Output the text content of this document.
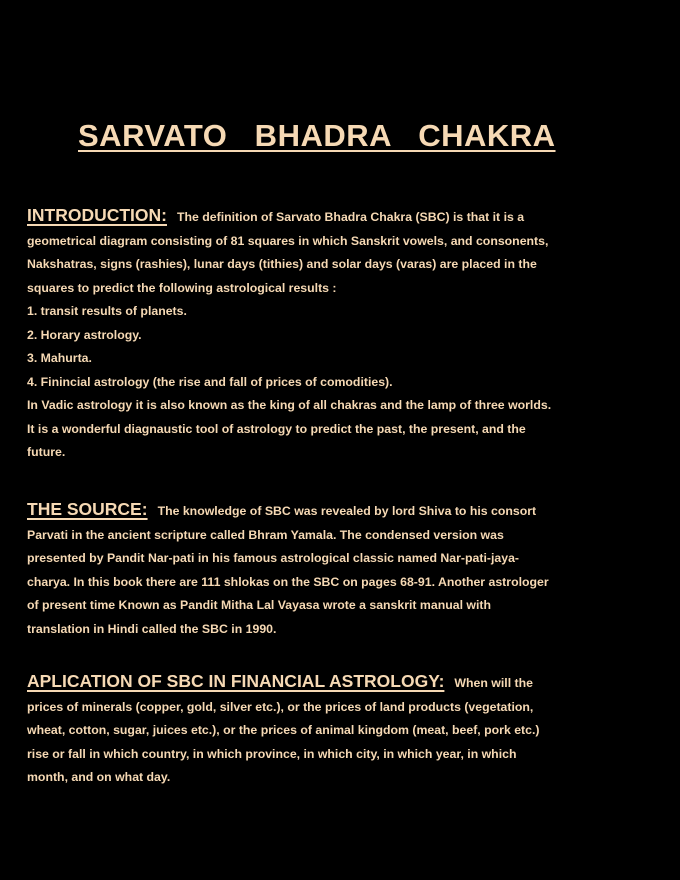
SARVATO   BHADRA   CHAKRA
INTRODUCTION: The definition of Sarvato Bhadra Chakra (SBC) is that it is a
geometrical diagram consisting of 81 squares in which Sanskrit vowels, and consonents,
Nakshatras, signs (rashies), lunar days (tithies) and solar days (varas) are placed in the
squares to predict the following astrological results :
1. transit results of planets.
2. Horary astrology.
3. Mahurta.
4. Finincial astrology (the rise and fall of prices of comodities).
In Vadic astrology it is also known as the king of all chakras and the lamp of three worlds.
It is a wonderful diagnaustic tool of astrology to predict the past, the present, and the
future.
THE SOURCE: The knowledge of SBC was revealed by lord Shiva to his consort
Parvati in the ancient scripture called Bhram Yamala. The condensed version was
presented by Pandit Nar-pati in his famous astrological classic named Nar-pati-jaya-
charya. In this book there are 111 shlokas on the SBC on pages 68-91. Another astrologer
of present time Known as Pandit Mitha Lal Vayasa wrote a sanskrit manual with
translation in Hindi called the SBC in 1990.
APLICATION OF SBC IN FINANCIAL ASTROLOGY: When will the
prices of minerals (copper, gold, silver etc.), or the prices of land products (vegetation,
wheat, cotton, sugar, juices etc.), or the prices of animal kingdom (meat, beef, pork etc.)
rise or fall in which country, in which province, in which city, in which year, in which
month, and on what day.
